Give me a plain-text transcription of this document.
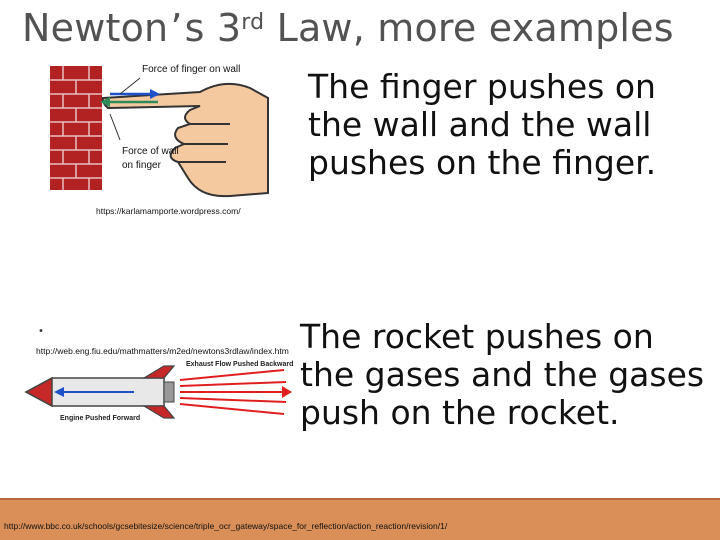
Newton’s 3rd Law, more examples
Force of finger on wall
Force of wall
on finger
https://karlamamporte.wordpress.com/
The finger pushes on
the wall and the wall
pushes on the finger.
•
http://web.eng.fiu.edu/mathmatters/m2ed/newtons3rdlaw/index.htm
Exhaust Flow Pushed Backward
Engine Pushed Forward
The rocket pushes on
the gases and the gases
push on the rocket.
http://www.bbc.co.uk/schools/gcsebitesize/science/triple_ocr_gateway/space_for_reflection/action_reaction/revision/1/
